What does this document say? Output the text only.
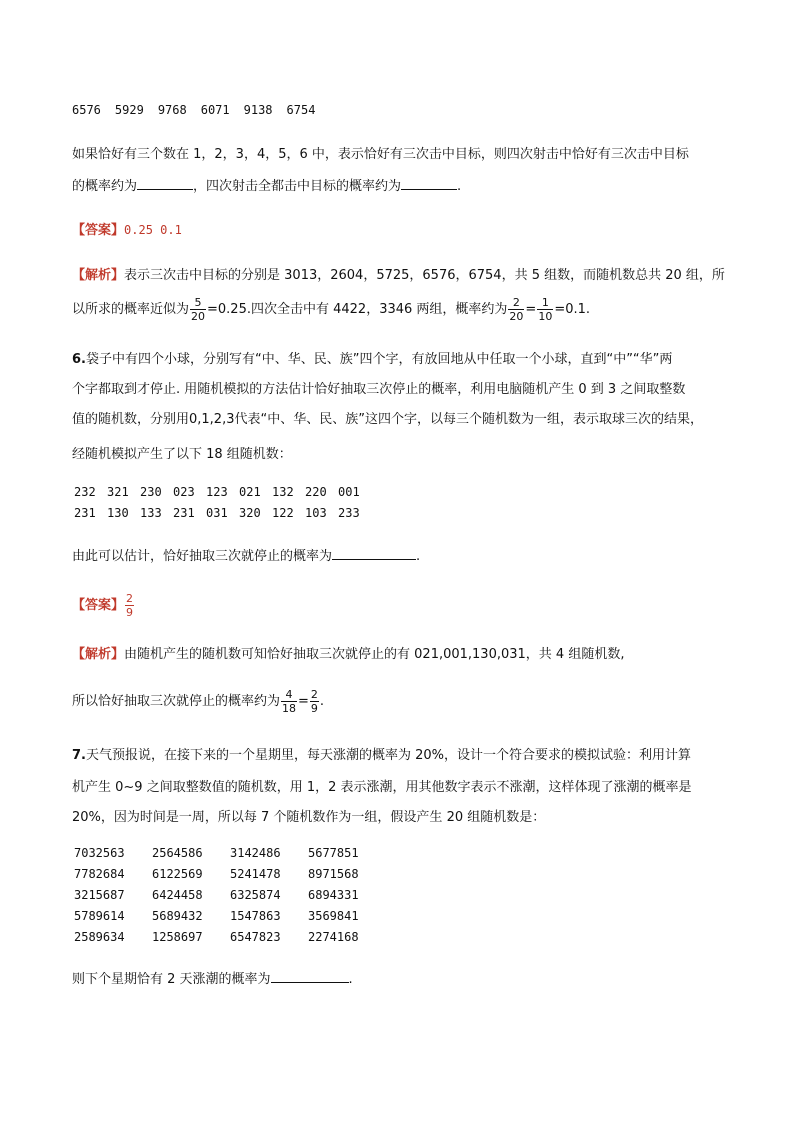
6576 5929 9768 6071 9138 6754
如果恰好有三个数在 1，2，3，4，5，6 中，表示恰好有三次击中目标，则四次射击中恰好有三次击中目标
的概率约为	，四次射击全都击中目标的概率约为	.
【答案】0.25 0.1
【解析】表示三次击中目标的分别是 3013，2604，5725，6576，6754，共 5 组数，而随机数总共 20 组，所
以所求的概率近似为 $\frac{5}{20} =0.25$.四次全击中有 4422，3346 两组，概率约为 $\frac{2}{20} = \frac{1}{10} =0.1$.
6.袋子中有四个小球，分别写有“中、华、民、族”四个字，有放回地从中任取一个小球，直到“中”“华”两
个字都取到才停止. 用随机模拟的方法估计恰好抽取三次停止的概率，利用电脑随机产生 0 到 3 之间取整数
值的随机数，分别用0,1,2,3代表“中、华、民、族”这四个字，以每三个随机数为一组，表示取球三次的结果，
经随机模拟产生了以下 18 组随机数：
232 321 230 023 123 021 132 220 001
231 130 133 231 031 320 122 103 233
由此可以估计，恰好抽取三次就停止的概率为	.
【答案】 $\frac{2}{9}$
【解析】由随机产生的随机数可知恰好抽取三次就停止的有 021,001,130,031，共 4 组随机数,
所以恰好抽取三次就停止的概率约为 $\frac{4}{18} = \frac{2}{9}$ .
7.天气预报说，在接下来的一个星期里，每天涨潮的概率为 20%，设计一个符合要求的模拟试验：利用计算
机产生 0~9 之间取整数值的随机数，用 1，2 表示涨潮，用其他数字表示不涨潮，这样体现了涨潮的概率是
20%，因为时间是一周，所以每 7 个随机数作为一组，假设产生 20 组随机数是：
7032563 2564586 3142486 5677851
7782684 6122569 5241478 8971568
3215687 6424458 6325874 6894331
5789614 5689432 1547863 3569841
2589634 1258697 6547823 2274168
则下个星期恰有 2 天涨潮的概率为	.
